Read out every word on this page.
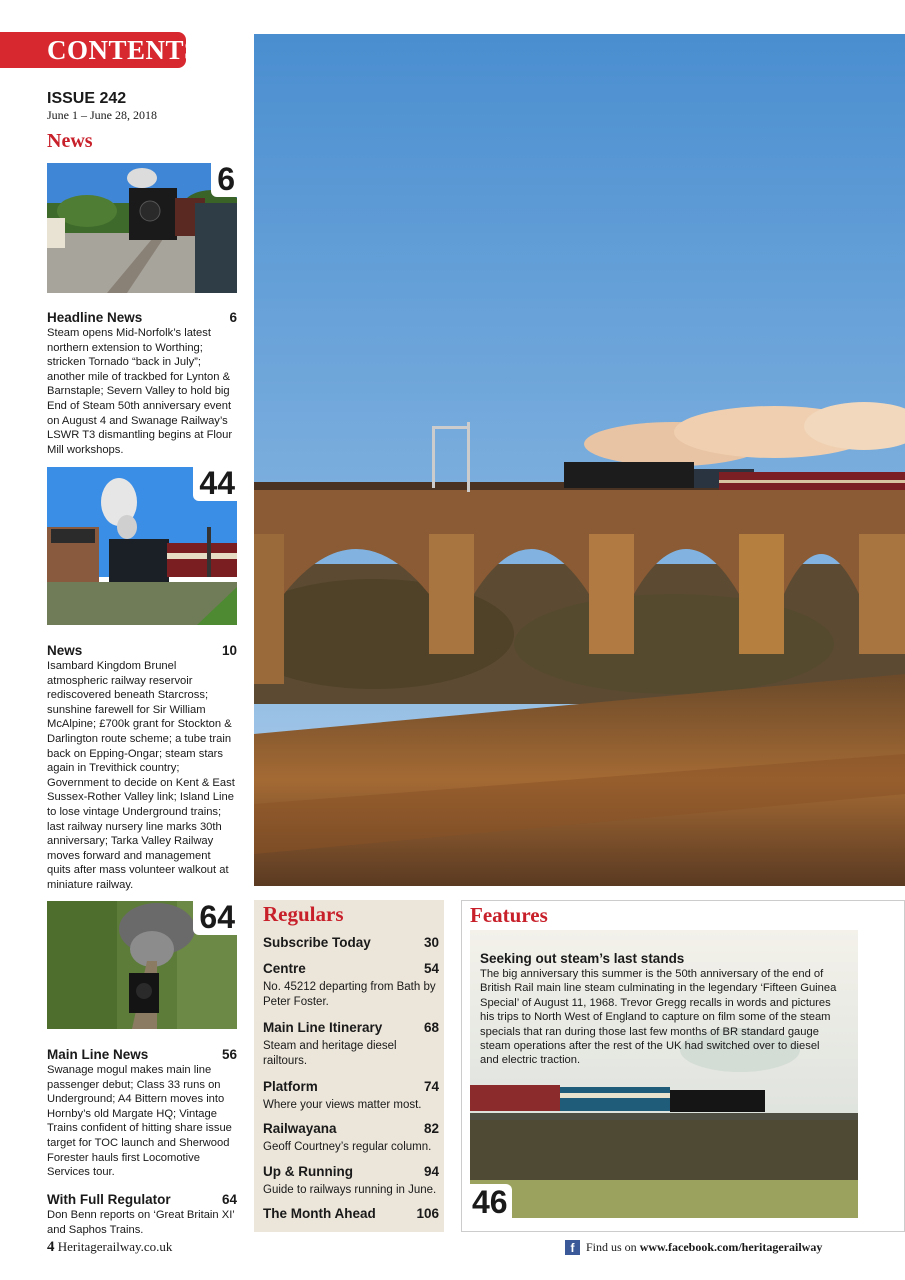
CONTENTS
ISSUE 242
June 1 – June 28, 2018
News
6
Headline News	6

Steam opens Mid-Norfolk’s latest northern extension to Worthing; stricken Tornado “back in July”; another mile of trackbed for Lynton & Barnstaple; Severn Valley to hold big End of Steam 50th anniversary event on August 4 and Swanage Railway’s LSWR T3 dismantling begins at Flour Mill workshops.

44
News	10

Isambard Kingdom Brunel atmospheric railway reservoir rediscovered beneath Starcross; sunshine farewell for Sir William McAlpine; £700k grant for Stockton & Darlington route scheme; a tube train back on Epping-Ongar; steam stars again in Trevithick country; Government to decide on Kent & East Sussex-Rother Valley link; Island Line to lose vintage Underground trains; last railway nursery line marks 30th anniversary; Tarka Valley Railway moves forward and management quits after mass volunteer walkout at miniature railway.

64
Main Line News	56

Swanage mogul makes main line passenger debut; Class 33 runs on Underground; A4 Bittern moves into Hornby’s old Margate HQ; Vintage Trains confident of hitting share issue target for TOC launch and Sherwood Forester hauls first Locomotive Services tour.

With Full Regulator	64

Don Benn reports on ‘Great Britain XI’ and Saphos Trains.

Regulars
Subscribe Today	30
Centre	54
No. 45212 departing from Bath by Peter Foster.
Main Line Itinerary	68
Steam and heritage diesel railtours.
Platform	74
Where your views matter most.
Railwayana	82
Geoff Courtney’s regular column.
Up & Running	94
Guide to railways running in June.
The Month Ahead	106
Features
Seeking out steam’s last stands
The big anniversary this summer is the 50th anniversary of the end of British Rail main line steam culminating in the legendary ‘Fifteen Guinea Special’ of August 11, 1968. Trevor Gregg recalls in words and pictures his trips to North West of England to capture on film some of the steam specials that ran during those last few months of BR standard gauge steam operations after the rest of the UK had switched over to diesel and electric traction.
46
4 Heritagerailway.co.uk	f Find us on
www.facebook.com/heritagerailway
